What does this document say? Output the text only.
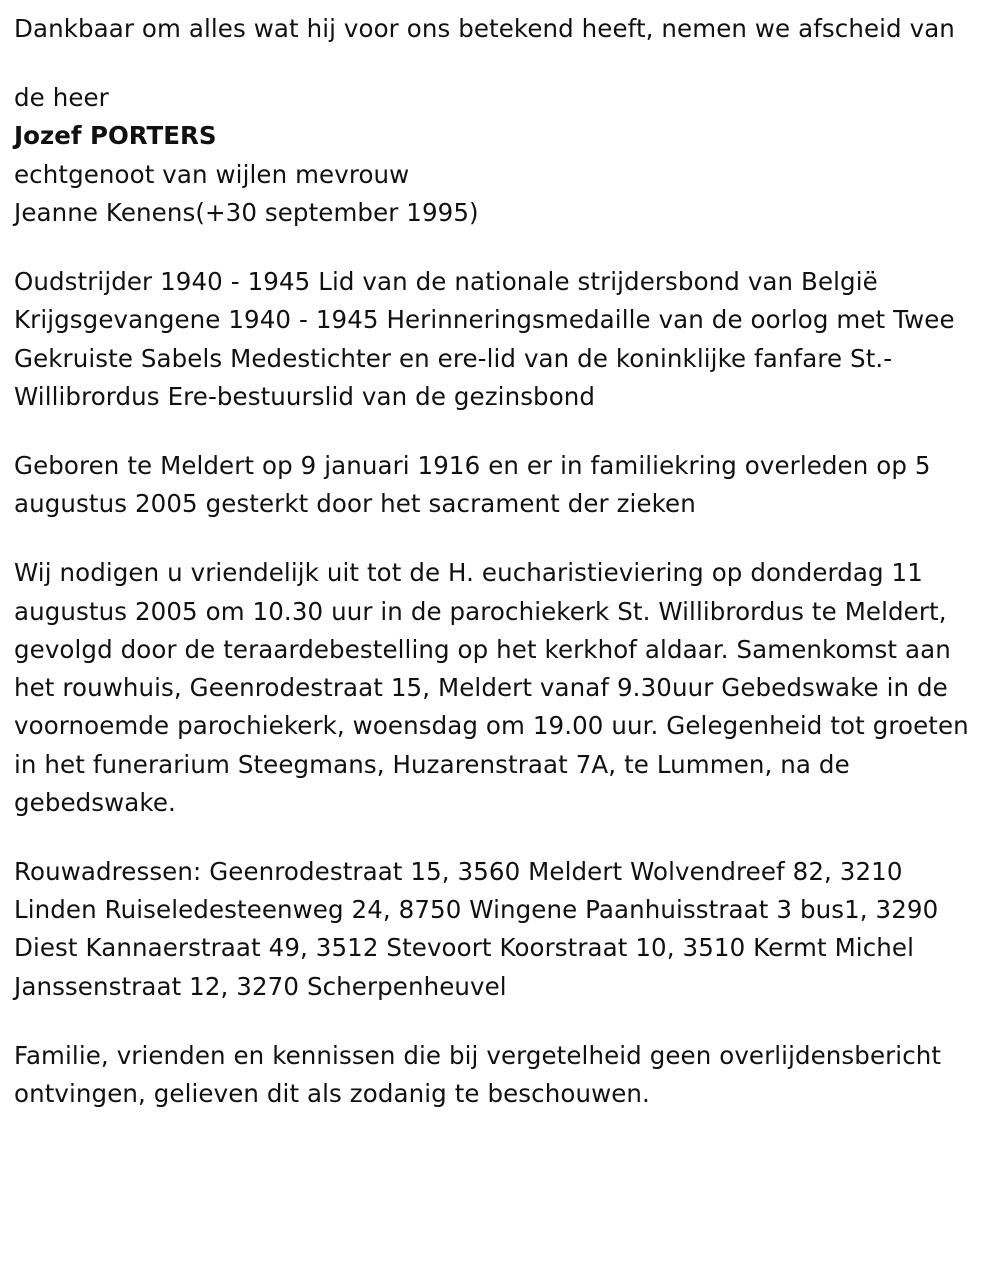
Dankbaar om alles wat hij voor ons betekend heeft, nemen we afscheid van

de heer

Jozef PORTERS

echtgenoot van wijlen mevrouw

Jeanne Kenens(+30 september 1995)

Oudstrijder 1940 - 1945 Lid van de nationale strijdersbond van België Krijgsgevangene 1940 - 1945 Herinneringsmedaille van de oorlog met Twee Gekruiste Sabels Medestichter en ere-lid van de koninklijke fanfare St.-Willibrordus Ere-bestuurslid van de gezinsbond

Geboren te Meldert op 9 januari 1916 en er in familiekring overleden op 5 augustus 2005 gesterkt door het sacrament der zieken

Wij nodigen u vriendelijk uit tot de H. eucharistieviering op donderdag 11 augustus 2005 om 10.30 uur in de parochiekerk St. Willibrordus te Meldert, gevolgd door de teraardebestelling op het kerkhof aldaar. Samenkomst aan het rouwhuis, Geenrodestraat 15, Meldert vanaf 9.30uur Gebedswake in de voornoemde parochiekerk, woensdag om 19.00 uur. Gelegenheid tot groeten in het funerarium Steegmans, Huzarenstraat 7A, te Lummen, na de gebedswake.

Rouwadressen: Geenrodestraat 15, 3560 Meldert Wolvendreef 82, 3210 Linden Ruiseledesteenweg 24, 8750 Wingene Paanhuisstraat 3 bus1, 3290 Diest Kannaerstraat 49, 3512 Stevoort Koorstraat 10, 3510 Kermt Michel Janssenstraat 12, 3270 Scherpenheuvel

Familie, vrienden en kennissen die bij vergetelheid geen overlijdensbericht ontvingen, gelieven dit als zodanig te beschouwen.
